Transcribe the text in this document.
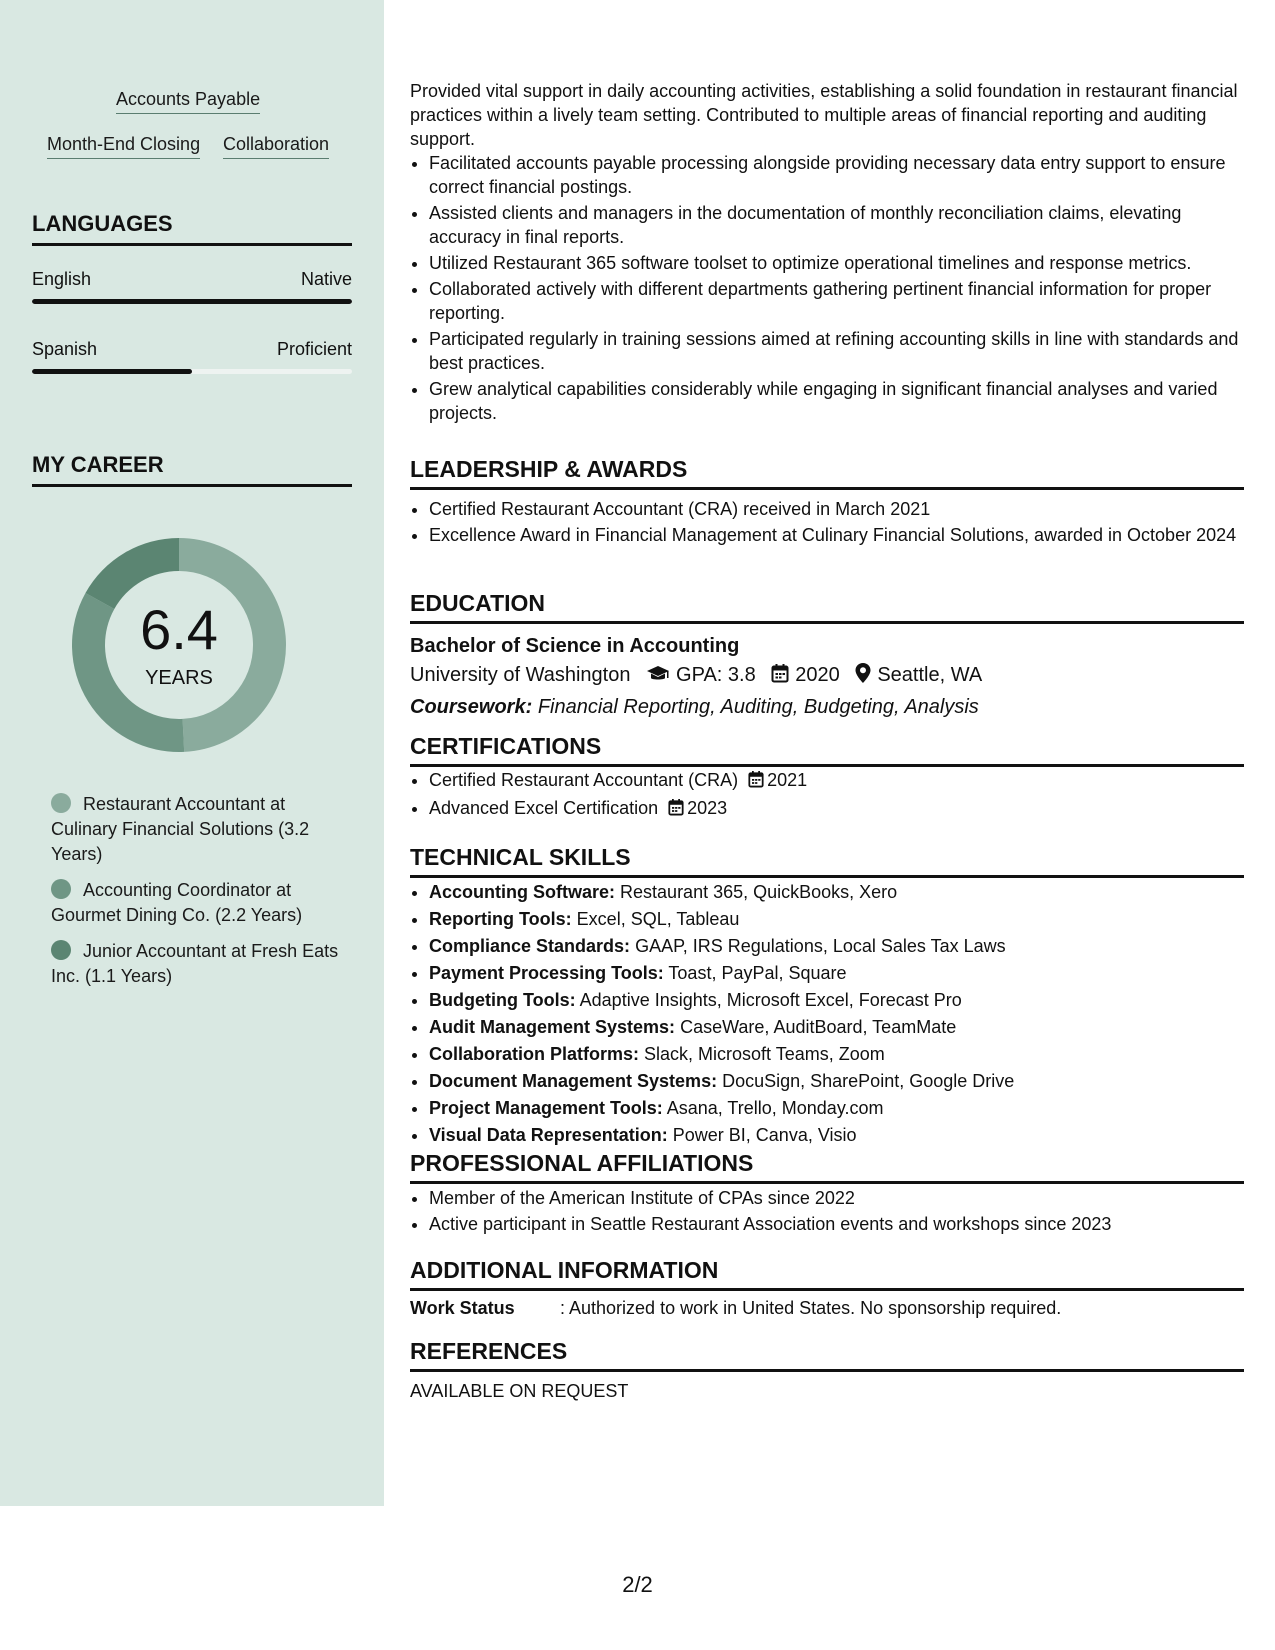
Accounts Payable
Month-End Closing Collaboration
LANGUAGES
English	Native
Spanish	Proficient
MY CAREER
6.4
YEARS
Restaurant Accountant at Culinary Financial Solutions (3.2 Years)
Accounting Coordinator at Gourmet Dining Co. (2.2 Years)
Junior Accountant at Fresh Eats Inc. (1.1 Years)
Provided vital support in daily accounting activities, establishing a solid foundation in restaurant financial practices within a lively team setting. Contributed to multiple areas of financial reporting and auditing support.
• Facilitated accounts payable processing alongside providing necessary data entry support to ensure correct financial postings.
• Assisted clients and managers in the documentation of monthly reconciliation claims, elevating accuracy in final reports.
• Utilized Restaurant 365 software toolset to optimize operational timelines and response metrics.
• Collaborated actively with different departments gathering pertinent financial information for proper reporting.
• Participated regularly in training sessions aimed at refining accounting skills in line with standards and best practices.
• Grew analytical capabilities considerably while engaging in significant financial analyses and varied projects.
LEADERSHIP & AWARDS
• Certified Restaurant Accountant (CRA) received in March 2021
• Excellence Award in Financial Management at Culinary Financial Solutions, awarded in October 2024
EDUCATION
Bachelor of Science in Accounting
University of Washington GPA: 3.8 2020 Seattle, WA
Coursework: Financial Reporting, Auditing, Budgeting, Analysis
CERTIFICATIONS
• Certified Restaurant Accountant (CRA) 2021
• Advanced Excel Certification 2023
TECHNICAL SKILLS
• Accounting Software: Restaurant 365, QuickBooks, Xero
• Reporting Tools: Excel, SQL, Tableau
• Compliance Standards: GAAP, IRS Regulations, Local Sales Tax Laws
• Payment Processing Tools: Toast, PayPal, Square
• Budgeting Tools: Adaptive Insights, Microsoft Excel, Forecast Pro
• Audit Management Systems: CaseWare, AuditBoard, TeamMate
• Collaboration Platforms: Slack, Microsoft Teams, Zoom
• Document Management Systems: DocuSign, SharePoint, Google Drive
• Project Management Tools: Asana, Trello, Monday.com
• Visual Data Representation: Power BI, Canva, Visio
PROFESSIONAL AFFILIATIONS
• Member of the American Institute of CPAs since 2022
• Active participant in Seattle Restaurant Association events and workshops since 2023
ADDITIONAL INFORMATION
Work Status	: Authorized to work in United States. No sponsorship required.
REFERENCES
AVAILABLE ON REQUEST
2/2
